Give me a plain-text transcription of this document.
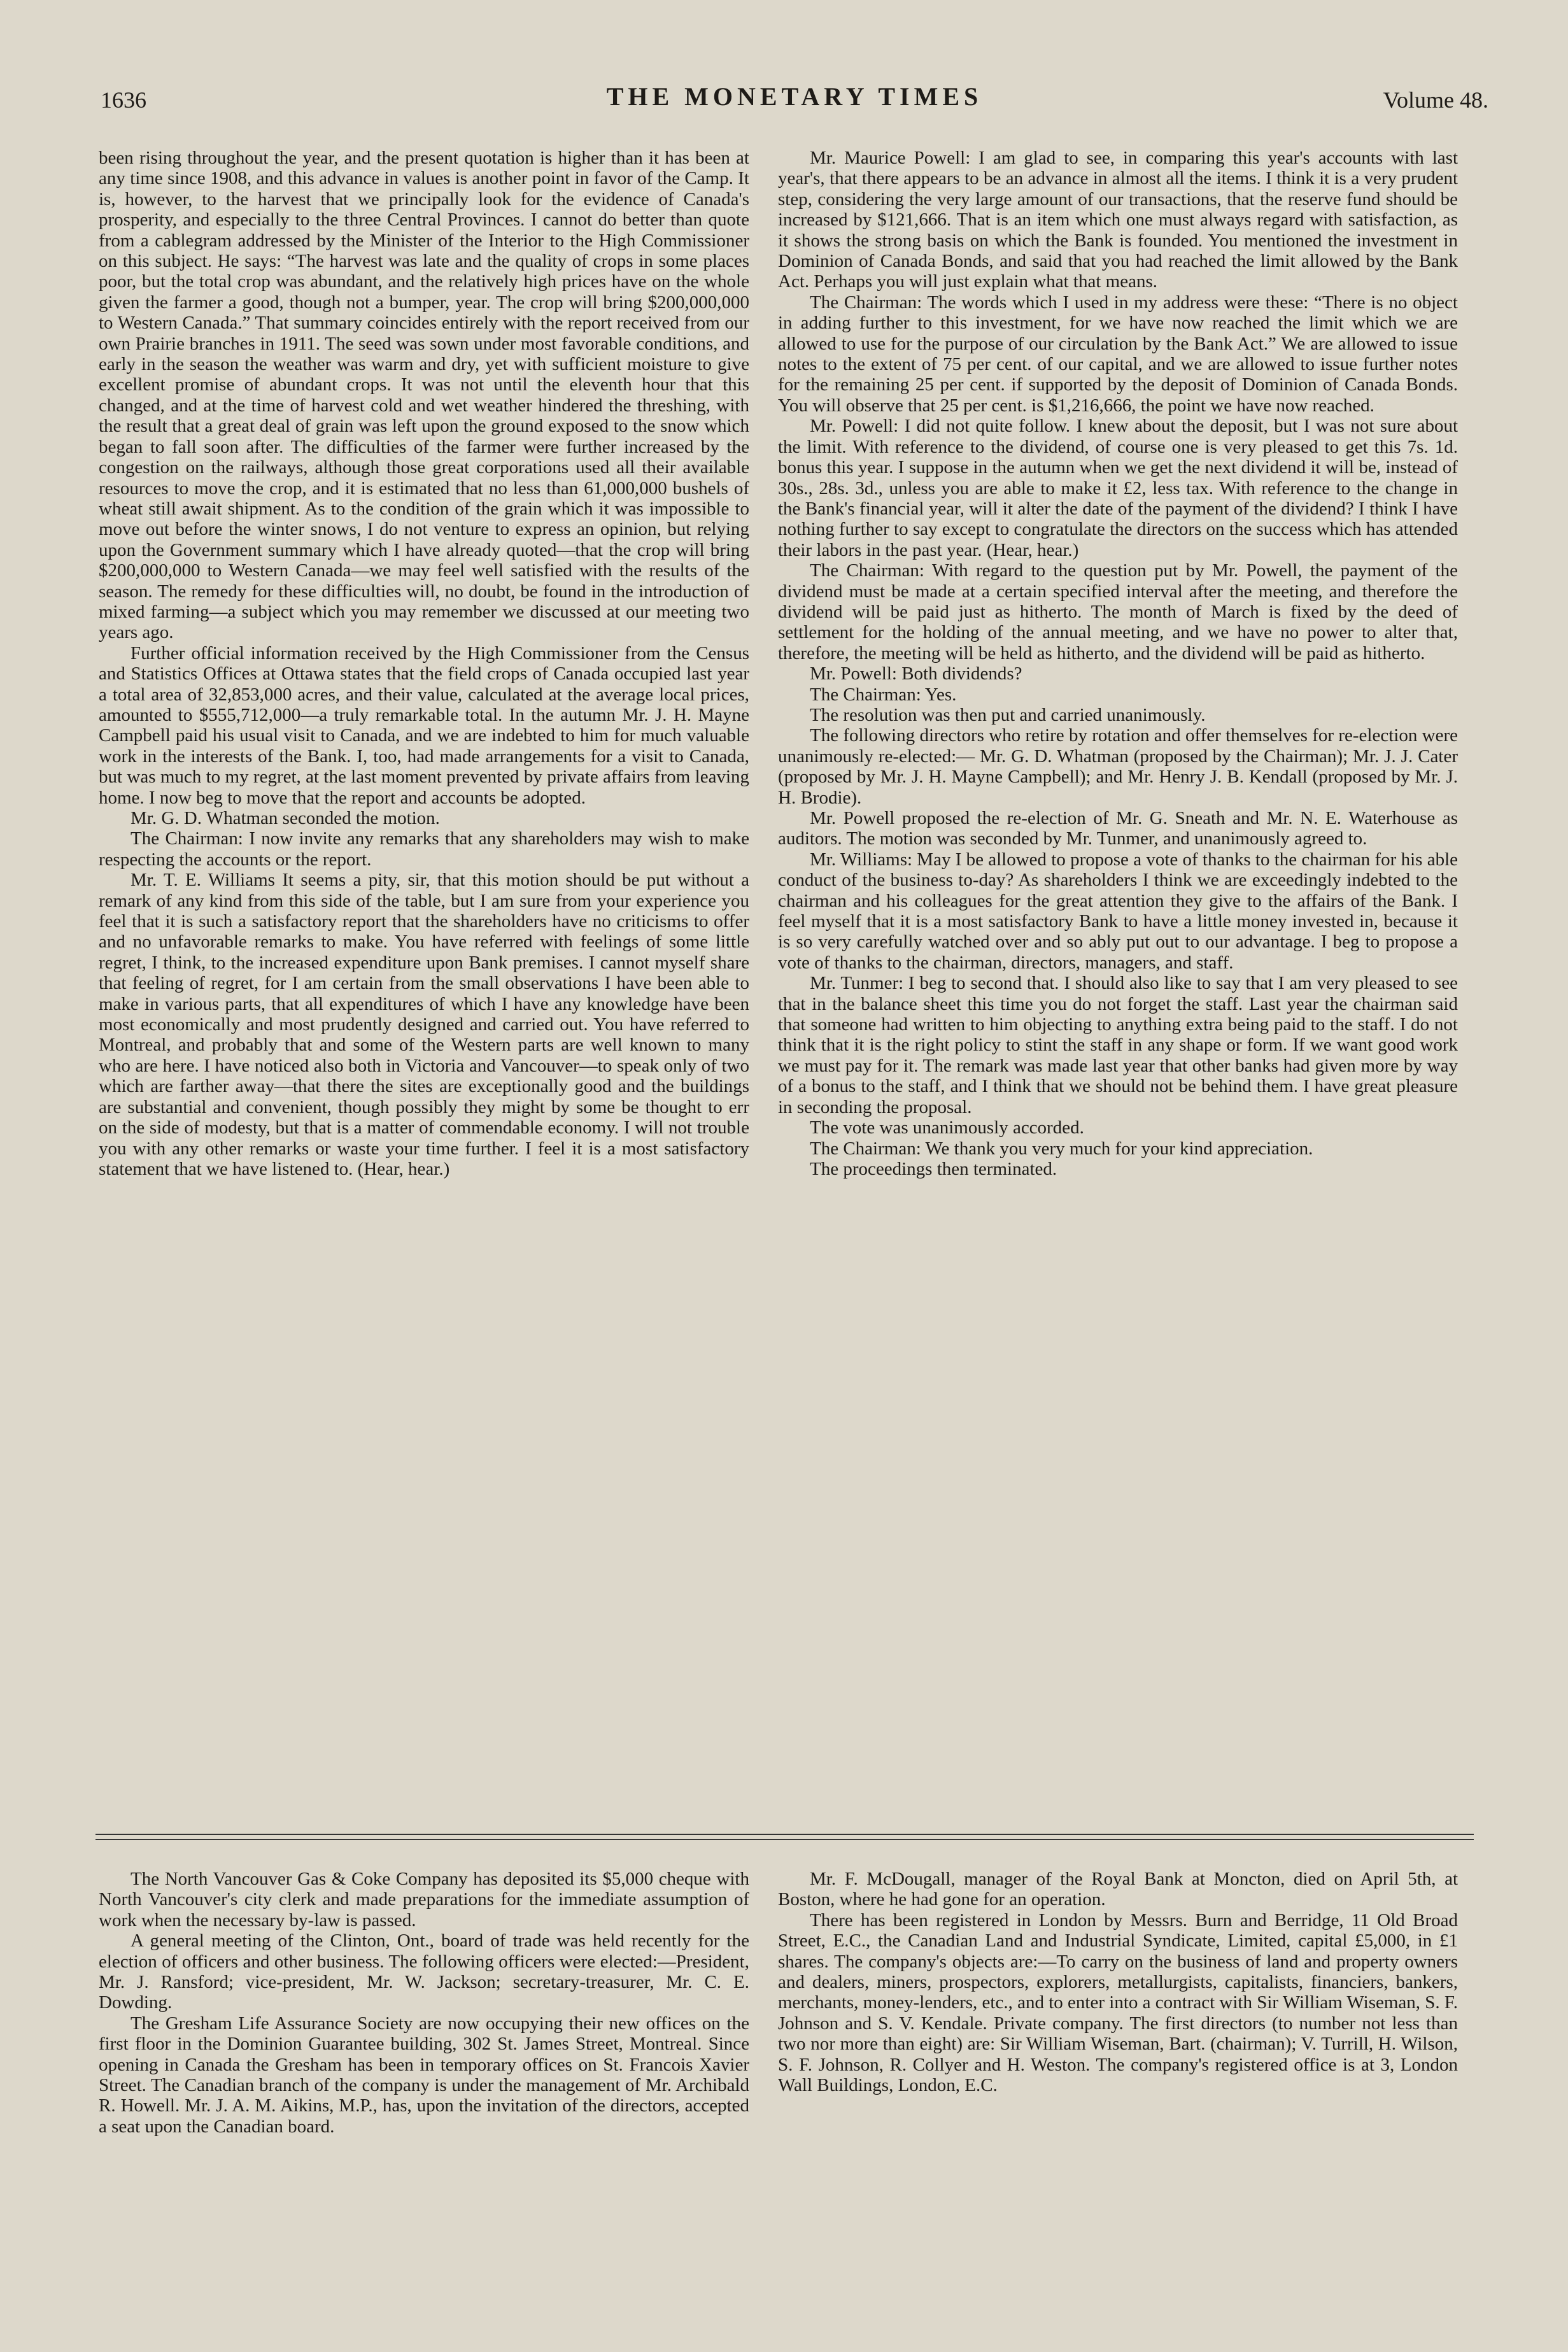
1636	THE MONETARY TIMES	Volume 48.

been rising throughout the year, and the present quotation is higher than it has been at any time since 1908, and this advance in values is another point in favor of the Camp. It is, however, to the harvest that we principally look for the evidence of Canada's prosperity, and especially to the three Central Provinces. I cannot do better than quote from a cablegram addressed by the Minister of the Interior to the High Commissioner on this subject. He says: “The harvest was late and the quality of crops in some places poor, but the total crop was abundant, and the relatively high prices have on the whole given the farmer a good, though not a bumper, year. The crop will bring $200,000,000 to Western Canada.” That summary coincides entirely with the report received from our own Prairie branches in 1911. The seed was sown under most favorable conditions, and early in the season the weather was warm and dry, yet with sufficient moisture to give excellent promise of abundant crops. It was not until the eleventh hour that this changed, and at the time of harvest cold and wet weather hindered the threshing, with the result that a great deal of grain was left upon the ground exposed to the snow which began to fall soon after. The difficulties of the farmer were further increased by the congestion on the railways, although those great corporations used all their available resources to move the crop, and it is estimated that no less than 61,000,000 bushels of wheat still await shipment. As to the condition of the grain which it was impossible to move out before the winter snows, I do not venture to express an opinion, but relying upon the Government summary which I have already quoted—that the crop will bring $200,000,000 to Western Canada—we may feel well satisfied with the results of the season. The remedy for these difficulties will, no doubt, be found in the introduction of mixed farming—a subject which you may remember we discussed at our meeting two years ago.

Further official information received by the High Commissioner from the Census and Statistics Offices at Ottawa states that the field crops of Canada occupied last year a total area of 32,853,000 acres, and their value, calculated at the average local prices, amounted to $555,712,000—a truly remarkable total. In the autumn Mr. J. H. Mayne Campbell paid his usual visit to Canada, and we are indebted to him for much valuable work in the interests of the Bank. I, too, had made arrangements for a visit to Canada, but was much to my regret, at the last moment prevented by private affairs from leaving home. I now beg to move that the report and accounts be adopted.

Mr. G. D. Whatman seconded the motion.

The Chairman: I now invite any remarks that any shareholders may wish to make respecting the accounts or the report.

Mr. T. E. Williams It seems a pity, sir, that this motion should be put without a remark of any kind from this side of the table, but I am sure from your experience you feel that it is such a satisfactory report that the shareholders have no criticisms to offer and no unfavorable remarks to make. You have referred with feelings of some little regret, I think, to the increased expenditure upon Bank premises. I cannot myself share that feeling of regret, for I am certain from the small observations I have been able to make in various parts, that all expenditures of which I have any knowledge have been most economically and most prudently designed and carried out. You have referred to Montreal, and probably that and some of the Western parts are well known to many who are here. I have noticed also both in Victoria and Vancouver—to speak only of two which are farther away—that there the sites are exceptionally good and the buildings are substantial and convenient, though possibly they might by some be thought to err on the side of modesty, but that is a matter of commendable economy. I will not trouble you with any other remarks or waste your time further. I feel it is a most satisfactory statement that we have listened to. (Hear, hear.)

Mr. Maurice Powell: I am glad to see, in comparing this year's accounts with last year's, that there appears to be an advance in almost all the items. I think it is a very prudent step, considering the very large amount of our transactions, that the reserve fund should be increased by $121,666. That is an item which one must always regard with satisfaction, as it shows the strong basis on which the Bank is founded. You mentioned the investment in Dominion of Canada Bonds, and said that you had reached the limit allowed by the Bank Act. Perhaps you will just explain what that means.

The Chairman: The words which I used in my address were these: “There is no object in adding further to this investment, for we have now reached the limit which we are allowed to use for the purpose of our circulation by the Bank Act.” We are allowed to issue notes to the extent of 75 per cent. of our capital, and we are allowed to issue further notes for the remaining 25 per cent. if supported by the deposit of Dominion of Canada Bonds. You will observe that 25 per cent. is $1,216,666, the point we have now reached.

Mr. Powell: I did not quite follow. I knew about the deposit, but I was not sure about the limit. With reference to the dividend, of course one is very pleased to get this 7s. 1d. bonus this year. I suppose in the autumn when we get the next dividend it will be, instead of 30s., 28s. 3d., unless you are able to make it £2, less tax. With reference to the change in the Bank's financial year, will it alter the date of the payment of the dividend? I think I have nothing further to say except to congratulate the directors on the success which has attended their labors in the past year. (Hear, hear.)

The Chairman: With regard to the question put by Mr. Powell, the payment of the dividend must be made at a certain specified interval after the meeting, and therefore the dividend will be paid just as hitherto. The month of March is fixed by the deed of settlement for the holding of the annual meeting, and we have no power to alter that, therefore, the meeting will be held as hitherto, and the dividend will be paid as hitherto.

Mr. Powell: Both dividends?

The Chairman: Yes.

The resolution was then put and carried unanimously.

The following directors who retire by rotation and offer themselves for re-election were unanimously re-elected:— Mr. G. D. Whatman (proposed by the Chairman); Mr. J. J. Cater (proposed by Mr. J. H. Mayne Campbell); and Mr. Henry J. B. Kendall (proposed by Mr. J. H. Brodie).

Mr. Powell proposed the re-election of Mr. G. Sneath and Mr. N. E. Waterhouse as auditors. The motion was seconded by Mr. Tunmer, and unanimously agreed to.

Mr. Williams: May I be allowed to propose a vote of thanks to the chairman for his able conduct of the business to-day? As shareholders I think we are exceedingly indebted to the chairman and his colleagues for the great attention they give to the affairs of the Bank. I feel myself that it is a most satisfactory Bank to have a little money invested in, because it is so very carefully watched over and so ably put out to our advantage. I beg to propose a vote of thanks to the chairman, directors, managers, and staff.

Mr. Tunmer: I beg to second that. I should also like to say that I am very pleased to see that in the balance sheet this time you do not forget the staff. Last year the chairman said that someone had written to him objecting to anything extra being paid to the staff. I do not think that it is the right policy to stint the staff in any shape or form. If we want good work we must pay for it. The remark was made last year that other banks had given more by way of a bonus to the staff, and I think that we should not be behind them. I have great pleasure in seconding the proposal.

The vote was unanimously accorded.

The Chairman: We thank you very much for your kind appreciation.

The proceedings then terminated.

The North Vancouver Gas & Coke Company has deposited its $5,000 cheque with North Vancouver's city clerk and made preparations for the immediate assumption of work when the necessary by-law is passed.

A general meeting of the Clinton, Ont., board of trade was held recently for the election of officers and other business. The following officers were elected:—President, Mr. J. Ransford; vice-president, Mr. W. Jackson; secretary-treasurer, Mr. C. E. Dowding.

The Gresham Life Assurance Society are now occupying their new offices on the first floor in the Dominion Guarantee building, 302 St. James Street, Montreal. Since opening in Canada the Gresham has been in temporary offices on St. Francois Xavier Street. The Canadian branch of the company is under the management of Mr. Archibald R. Howell. Mr. J. A. M. Aikins, M.P., has, upon the invitation of the directors, accepted a seat upon the Canadian board.

Mr. F. McDougall, manager of the Royal Bank at Moncton, died on April 5th, at Boston, where he had gone for an operation.

There has been registered in London by Messrs. Burn and Berridge, 11 Old Broad Street, E.C., the Canadian Land and Industrial Syndicate, Limited, capital £5,000, in £1 shares. The company's objects are:—To carry on the business of land and property owners and dealers, miners, prospectors, explorers, metallurgists, capitalists, financiers, bankers, merchants, money-lenders, etc., and to enter into a contract with Sir William Wiseman, S. F. Johnson and S. V. Kendale. Private company. The first directors (to number not less than two nor more than eight) are: Sir William Wiseman, Bart. (chairman); V. Turrill, H. Wilson, S. F. Johnson, R. Collyer and H. Weston. The company's registered office is at 3, London Wall Buildings, London, E.C.
